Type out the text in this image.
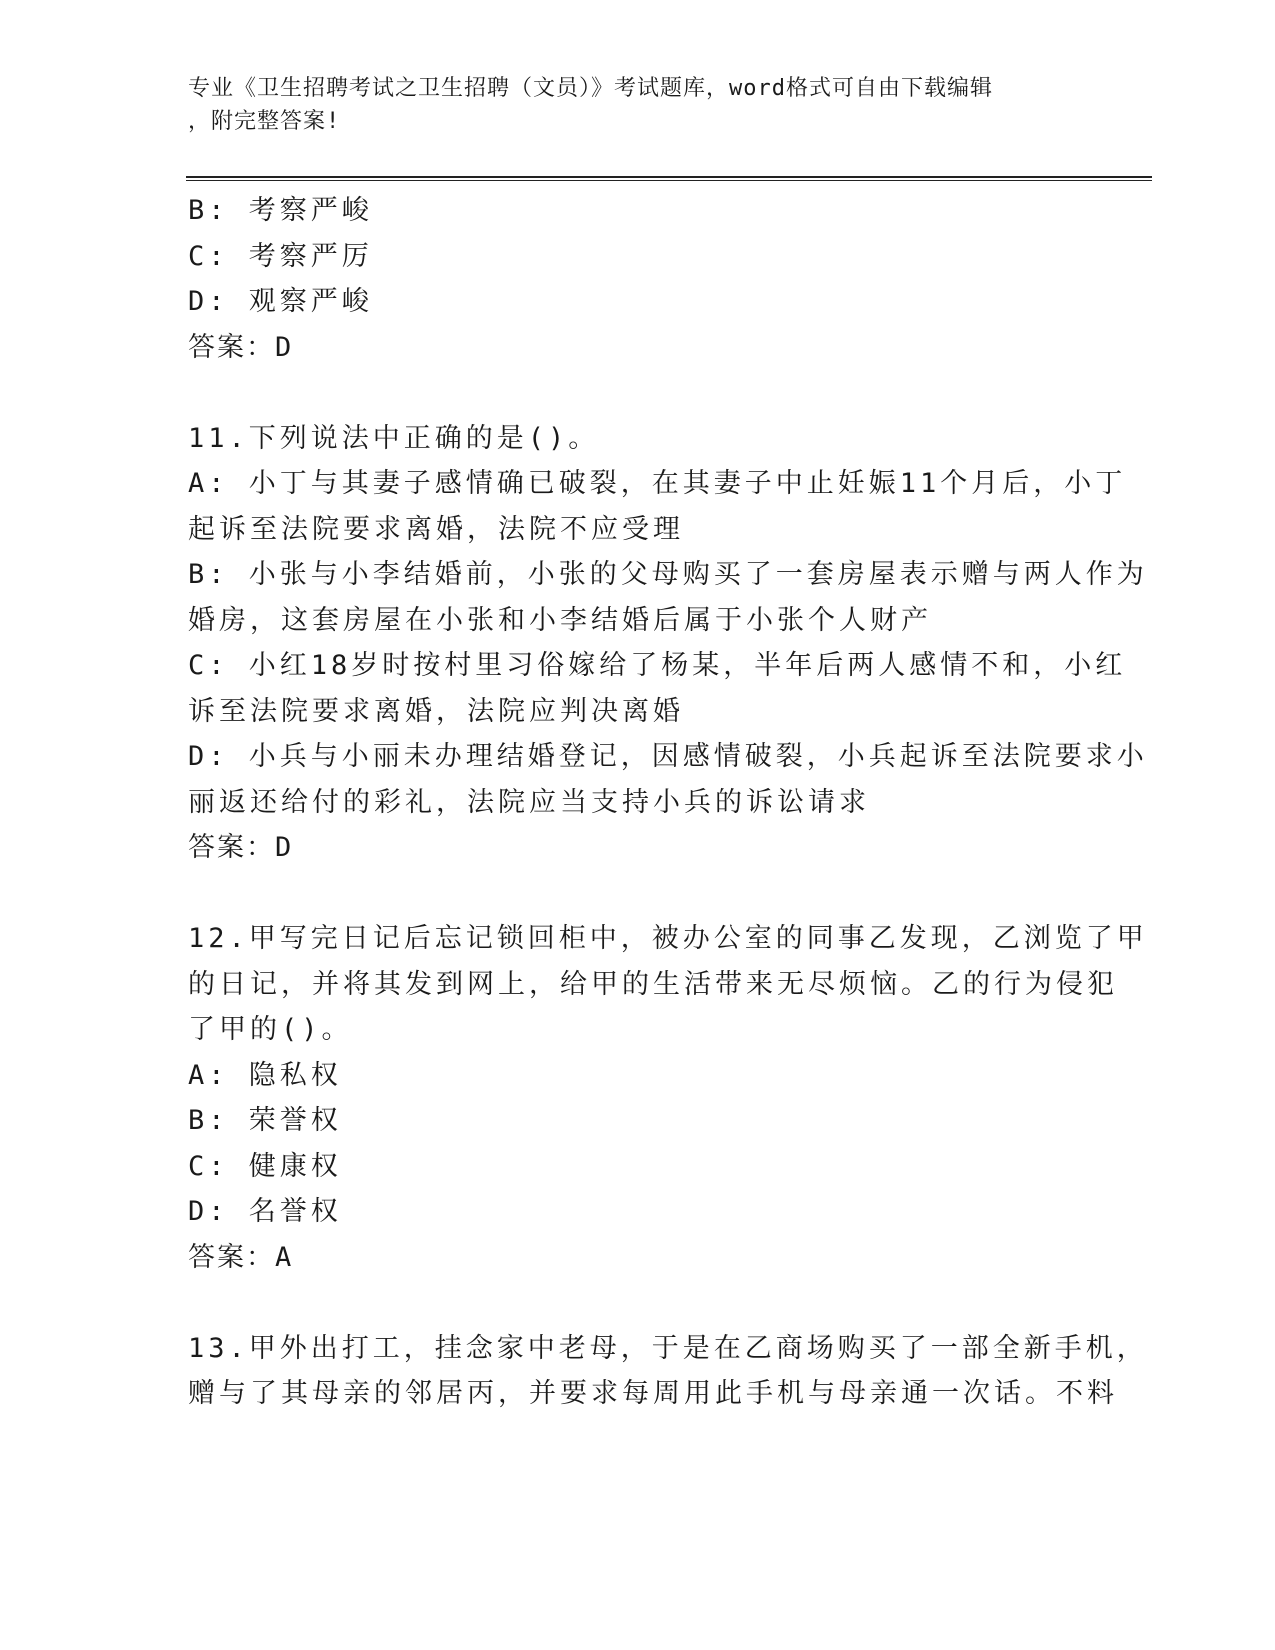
专业《卫生招聘考试之卫生招聘（文员）》考试题库，word格式可自由下载编辑
，附完整答案!
B: 考察严峻
C: 考察严厉
D: 观察严峻
答案：D
11.下列说法中正确的是()。
A: 小丁与其妻子感情确已破裂，在其妻子中止妊娠11个月后，小丁
起诉至法院要求离婚，法院不应受理
B: 小张与小李结婚前，小张的父母购买了一套房屋表示赠与两人作为
婚房，这套房屋在小张和小李结婚后属于小张个人财产
C: 小红18岁时按村里习俗嫁给了杨某，半年后两人感情不和，小红
诉至法院要求离婚，法院应判决离婚
D: 小兵与小丽未办理结婚登记，因感情破裂，小兵起诉至法院要求小
丽返还给付的彩礼，法院应当支持小兵的诉讼请求
答案：D
12.甲写完日记后忘记锁回柜中，被办公室的同事乙发现，乙浏览了甲
的日记，并将其发到网上，给甲的生活带来无尽烦恼。乙的行为侵犯
了甲的()。
A: 隐私权
B: 荣誉权
C: 健康权
D: 名誉权
答案：A
13.甲外出打工，挂念家中老母，于是在乙商场购买了一部全新手机，
赠与了其母亲的邻居丙，并要求每周用此手机与母亲通一次话。不料
